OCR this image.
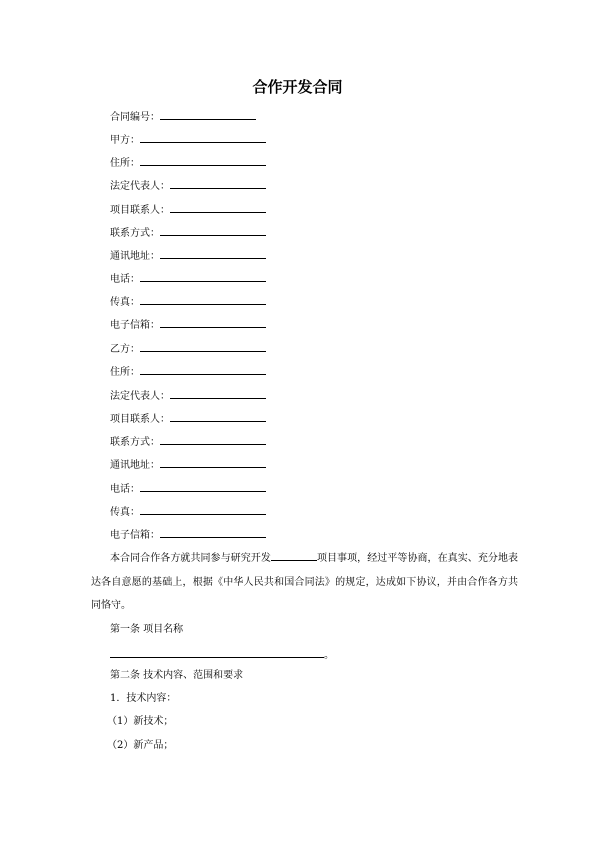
合作开发合同
合同编号：
甲方：
住所：
法定代表人：
项目联系人：
联系方式：
通讯地址：
电话：
传真：
电子信箱：
乙方：
住所：
法定代表人：
项目联系人：
联系方式：
通讯地址：
电话：
传真：
电子信箱：

本合同合作各方就共同参与研究开发	项目事项，经过平等协商，在真实、充分地表达各自意愿的基础上，根据《中华人民共和国合同法》的规定，达成如下协议，并由合作各方共同恪守。

第一条 项目名称
。
第二条 技术内容、范围和要求
1．技术内容：
（1）新技术；
（2）新产品；
